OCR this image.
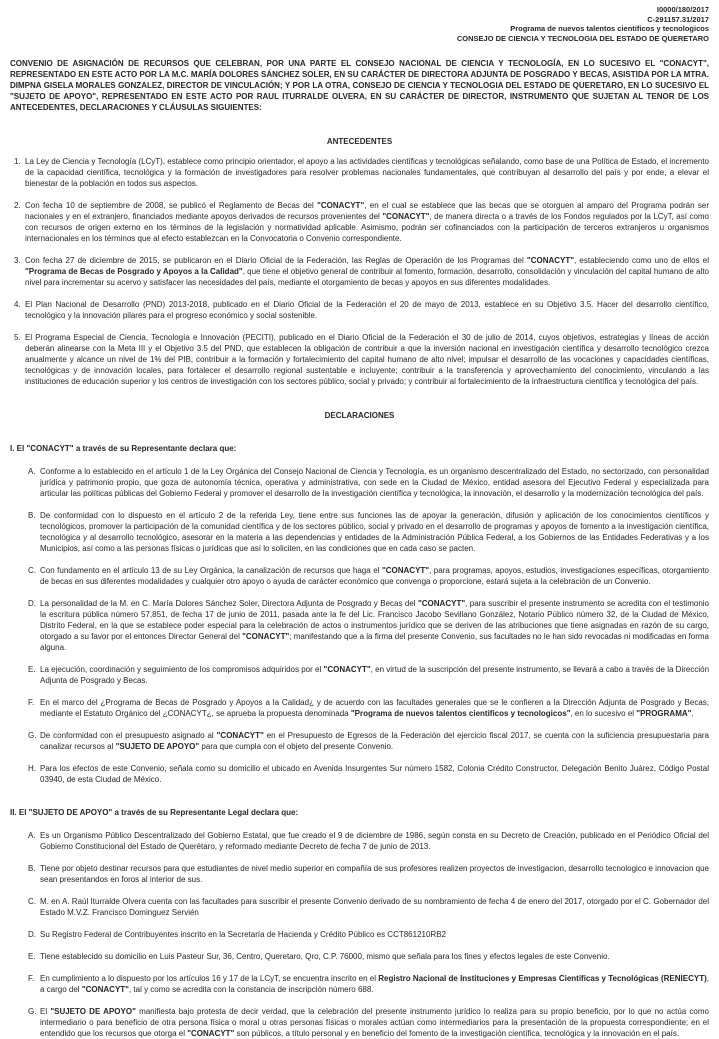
I0000/180/2017
C-291157.31/2017
Programa de nuevos talentos cientificos y tecnologicos
CONSEJO DE CIENCIA Y TECNOLOGIA DEL ESTADO DE QUERETARO

CONVENIO DE ASIGNACIÓN DE RECURSOS QUE CELEBRAN, POR UNA PARTE EL CONSEJO NACIONAL DE CIENCIA Y TECNOLOGÍA, EN LO SUCESIVO EL "CONACYT", REPRESENTADO EN ESTE ACTO POR LA M.C. MARÍA DOLORES SÁNCHEZ SOLER, EN SU CARÁCTER DE DIRECTORA ADJUNTA DE POSGRADO Y BECAS, ASISTIDA POR LA MTRA. DIMPNA GISELA MORALES GONZALEZ, DIRECTOR DE VINCULACIÓN; Y POR LA OTRA, CONSEJO DE CIENCIA Y TECNOLOGIA DEL ESTADO DE QUERETARO, EN LO SUCESIVO EL "SUJETO DE APOYO", REPRESENTADO EN ESTE ACTO POR RAUL ITURRALDE OLVERA, EN SU CARÁCTER DE DIRECTOR, INSTRUMENTO QUE SUJETAN AL TENOR DE LOS ANTECEDENTES, DECLARACIONES Y CLÁUSULAS SIGUIENTES:

ANTECEDENTES
1. La Ley de Ciencia y Tecnología (LCyT), establece como principio orientador, el apoyo a las actividades científicas y tecnológicas señalando, como base de una Política de Estado, el incremento de la capacidad científica, tecnológica y la formación de investigadores para resolver problemas nacionales fundamentales, que contribuyan al desarrollo del país y por ende, a elevar el bienestar de la población en todos sus aspectos.
2. Con fecha 10 de septiembre de 2008, se publicó el Reglamento de Becas del "CONACYT", en el cual se establece que las becas que se otorguen al amparo del Programa podrán ser nacionales y en el extranjero, financiados mediante apoyos derivados de recursos provenientes del "CONACYT", de manera directa o a través de los Fondos regulados por la LCyT, así como con recursos de origen externo en los términos de la legislación y normatividad aplicable. Asimismo, podrán ser cofinanciados con la participación de terceros extranjeros u organismos internacionales en los términos que al efecto establezcan en la Convocatoria o Convenio correspondiente.
3. Con fecha 27 de diciembre de 2015, se publicaron en el Diario Oficial de la Federación, las Reglas de Operación de los Programas del "CONACYT", estableciendo como uno de ellos el "Programa de Becas de Posgrado y Apoyos a la Calidad", que tiene el objetivo general de contribuir al fomento, formación, desarrollo, consolidación y vinculación del capital humano de alto nivel para incrementar su acervo y satisfacer las necesidades del país, mediante el otorgamiento de becas y apoyos en sus diferentes modalidades.
4. El Plan Nacional de Desarrollo (PND) 2013-2018, publicado en el Diario Oficial de la Federación el 20 de mayo de 2013, establece en su Objetivo 3.5. Hacer del desarrollo científico, tecnológico y la innovación pilares para el progreso económico y social sostenible.
5. El Programa Especial de Ciencia, Tecnología e Innovación (PECITI), publicado en el Diario Oficial de la Federación el 30 de julio de 2014, cuyos objetivos, estrategias y líneas de acción deberán alinearse con la Meta III y el Objetivo 3.5 del PND, que establecen la obligación de contribuir a que la inversión nacional en investigación científica y desarrollo tecnológico crezca anualmente y alcance un nivel de 1% del PIB; contribuir a la formación y fortalecimiento del capital humano de alto nivel; impulsar el desarrollo de las vocaciones y capacidades científicas, tecnológicas y de innovación locales, para fortalecer el desarrollo regional sustentable e incluyente; contribuir a la transferencia y aprovechamiento del conocimiento, vinculando a las instituciones de educación superior y los centros de investigación con los sectores público, social y privado; y contribuir al fortalecimiento de la infraestructura científica y tecnológica del país.
DECLARACIONES
I. El "CONACYT" a través de su Representante declara que:
A. Conforme a lo establecido en el artículo 1 de la Ley Orgánica del Consejo Nacional de Ciencia y Tecnología, es un organismo descentralizado del Estado, no sectorizado, con personalidad jurídica y patrimonio propio, que goza de autonomía técnica, operativa y administrativa, con sede en la Ciudad de México, entidad asesora del Ejecutivo Federal y especializada para articular las políticas públicas del Gobierno Federal y promover el desarrollo de la investigación científica y tecnológica, la innovación, el desarrollo y la modernización tecnológica del país.
B. De conformidad con lo dispuesto en el artículo 2 de la referida Ley, tiene entre sus funciones las de apoyar la generación, difusión y aplicación de los conocimientos científicos y tecnológicos, promover la participación de la comunidad científica y de los sectores público, social y privado en el desarrollo de programas y apoyos de fomento a la investigación científica, tecnológica y al desarrollo tecnológico, asesorar en la materia a las dependencias y entidades de la Administración Pública Federal, a los Gobiernos de las Entidades Federativas y a los Municipios, así como a las personas físicas o jurídicas que así lo soliciten, en las condiciones que en cada caso se pacten.
C. Con fundamento en el artículo 13 de su Ley Orgánica, la canalización de recursos que haga el "CONACYT", para programas, apoyos, estudios, investigaciones específicas, otorgamiento de becas en sus diferentes modalidades y cualquier otro apoyo o ayuda de carácter económico que convenga o proporcione, estará sujeta a la celebración de un Convenio.
D. La personalidad de la M. en C. María Dolores Sánchez Soler, Directora Adjunta de Posgrado y Becas del "CONACYT", para suscribir el presente instrumento se acredita con el testimonio la escritura pública número 57,851, de fecha 17 de junio de 2011, pasada ante la fe del Lic. Francisco Jacobo Sevillano González, Notario Público número 32, de la Ciudad de México, Distrito Federal, en la que se establece poder especial para la celebración de actos o instrumentos jurídico que se deriven de las atribuciones que tiene asignadas en razón de su cargo, otorgado a su favor por el entonces Director General del "CONACYT"; manifestando que a la firma del presente Convenio, sus facultades no le han sido revocadas ni modificadas en forma alguna.
E. La ejecución, coordinación y seguimiento de los compromisos adquiridos por el "CONACYT", en virtud de la suscripción del presente instrumento, se llevará a cabo a través de la Dirección Adjunta de Posgrado y Becas.
F. En el marco del ¿Programa de Becas de Posgrado y Apoyos a la Calidad¿ y de acuerdo con las facultades generales que se le confieren a la Dirección Adjunta de Posgrado y Becas, mediante el Estatuto Orgánico del ¿CONACYT¿, se aprueba la propuesta denominada "Programa de nuevos talentos cientificos y tecnologicos", en lo sucesivo el "PROGRAMA".
G. De conformidad con el presupuesto asignado al "CONACYT" en el Presupuesto de Egresos de la Federación del ejercicio fiscal 2017, se cuenta con la suficiencia presupuestaria para canalizar recursos al "SUJETO DE APOYO" para que cumpla con el objeto del presente Convenio.
H. Para los efectos de este Convenio, señala como su domicilio el ubicado en Avenida Insurgentes Sur número 1582, Colonia Crédito Constructor, Delegación Benito Juárez, Código Postal 03940, de esta Ciudad de México.
II. El "SUJETO DE APOYO" a través de su Representante Legal declara que:
A. Es un Organismo Público Descentralizado del Gobierno Estatal, que fue creado el 9 de diciembre de 1986, según consta en su Decreto de Creación, publicado en el Periódico Oficial del Gobierno Constitucional del Estado de Querétaro, y reformado mediante Decreto de fecha 7 de junio de 2013.
B. Tiene por objeto destinar recursos para que estudiantes de nivel medio superior en compañía de sus profesores realizen proyectos de investigacion, desarrollo tecnologico e innovacion que sean presentandos en foros al interior de sus.
C. M. en A. Raúl Iturralde Olvera cuenta con las facultades para suscribir el presente Convenio derivado de su nombramiento de fecha 4 de enero del 2017, otorgado por el C. Gobernador del Estado M.V.Z. Francisco Dominguez Servién
D. Su Registro Federal de Contribuyentes inscrito en la Secretaría de Hacienda y Crédito Público es CCT861210RB2
E. Tiene establecido su domicilio en Luis Pasteur Sur, 36, Centro, Queretaro, Qro, C.P. 76000, mismo que señala para los fines y efectos legales de este Convenio.
F. En cumplimiento a lo dispuesto por los artículos 16 y 17 de la LCyT, se encuentra inscrito en el Registro Nacional de Instituciones y Empresas Científicas y Tecnológicas (RENIECYT), a cargo del "CONACYT", tal y como se acredita con la constancia de inscripción número 688.
G. El "SUJETO DE APOYO" manifiesta bajo protesta de decir verdad, que la celebración del presente instrumento jurídico lo realiza para su propio beneficio, por lo que no actúa como intermediario o para beneficio de otra persona física o moral u otras personas físicas o morales actúan como intermediarios para la presentación de la propuesta correspondiente; en el entendido que los recursos que otorga el "CONACYT" son públicos, a título personal y en beneficio del fomento de la investigación científica, tecnológica y la innovación en el país.
